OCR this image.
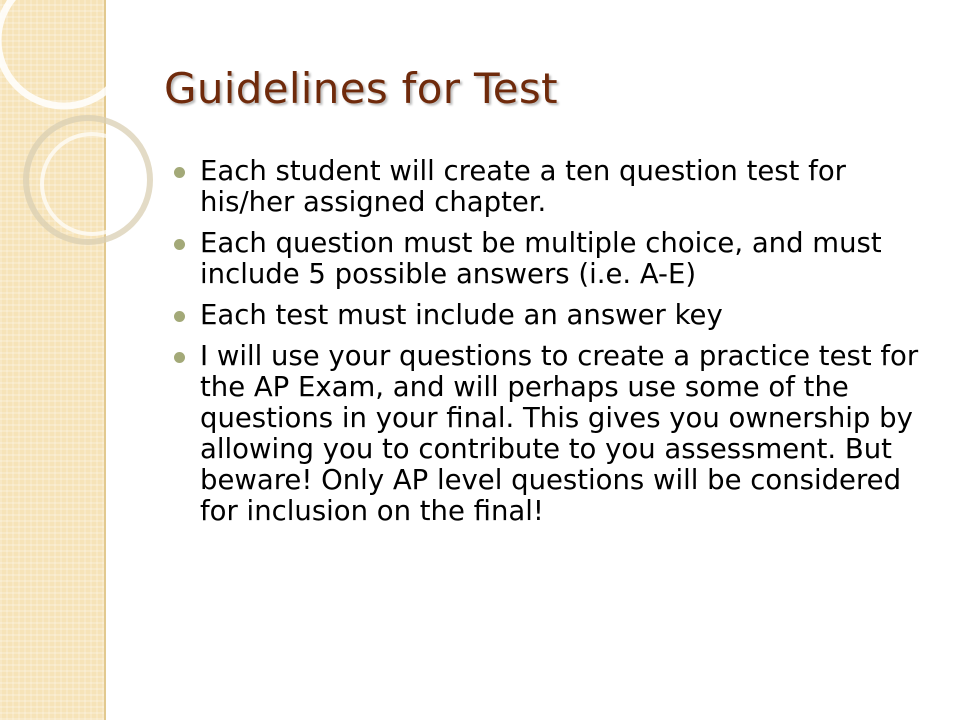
Guidelines for Test
Each student will create a ten question test for his/her assigned chapter.
Each question must be multiple choice, and must include 5 possible answers (i.e. A-E)
Each test must include an answer key
I will use your questions to create a practice test for the AP Exam, and will perhaps use some of the questions in your final. This gives you ownership by allowing you to contribute to you assessment. But beware! Only AP level questions will be considered for inclusion on the final!
